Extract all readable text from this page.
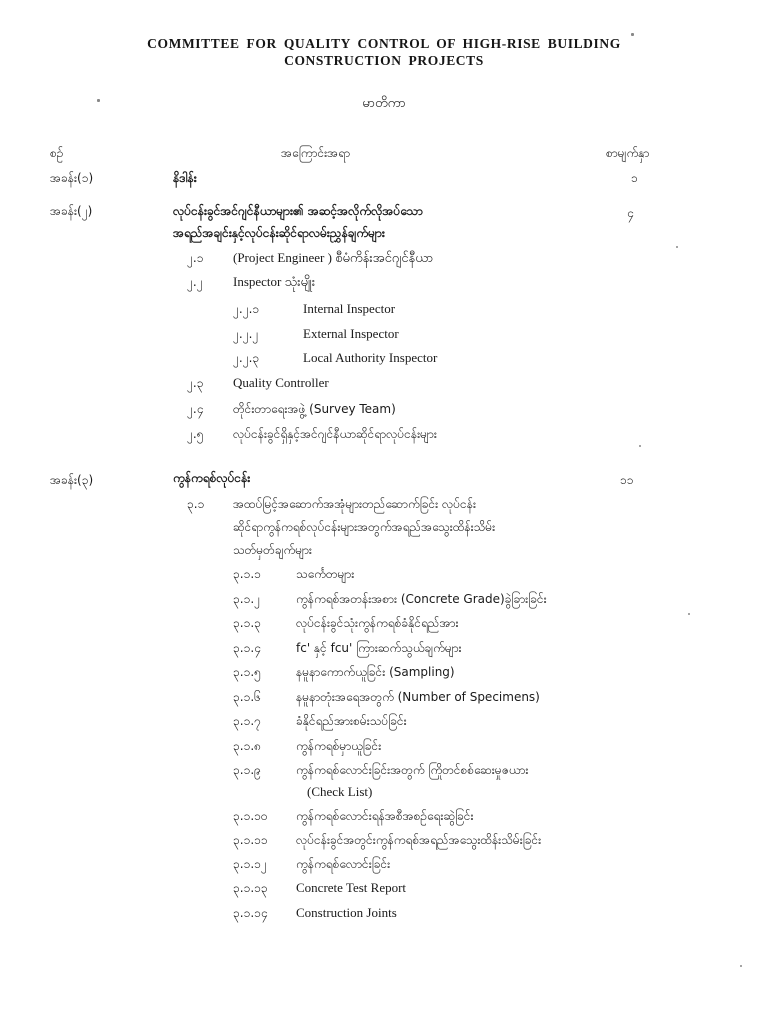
COMMITTEE FOR QUALITY CONTROL OF HIGH-RISE BUILDING
CONSTRUCTION PROJECTS
မာတိကာ
စဉ်	အကြောင်းအရာ	စာမျက်နှာ
အခန်း(၁)	နိဒါန်း	၁
အခန်း(၂)	လုပ်ငန်းခွင်အင်ဂျင်နီယာများ၏ အဆင့်အလိုက်လိုအပ်သော
အရည်အချင်းနှင့်လုပ်ငန်းဆိုင်ရာလမ်းညွှန်ချက်များ
၄
၂.၁ (Project Engineer ) စီမံကိန်းအင်ဂျင်နီယာ
၂.၂ Inspector သုံးမျိုး
၂.၂.၁	Internal Inspector
၂.၂.၂	External Inspector
၂.၂.၃	Local Authority Inspector
၂.၃ Quality Controller
၂.၄ တိုင်းတာရေးအဖွဲ့ (Survey Team)
၂.၅ လုပ်ငန်းခွင်ရှိနှင့်အင်ဂျင်နီယာဆိုင်ရာလုပ်ငန်းများ
အခန်း(၃)	ကွန်ကရစ်လုပ်ငန်း	၁၁
၃.၁ အထပ်မြင့်အဆောက်အအုံများတည်ဆောက်ခြင်း လုပ်ငန်း
ဆိုင်ရာကွန်ကရစ်လုပ်ငန်းများအတွက်အရည်အသွေးထိန်းသိမ်း
သတ်မှတ်ချက်များ
၃.၁.၁	သင်္ကေတများ
၃.၁.၂	ကွန်ကရစ်အတန်းအစား (Concrete Grade)ခွဲခြားခြင်း
၃.၁.၃	လုပ်ငန်းခွင်သုံးကွန်ကရစ်ခံနိုင်ရည်အား
၃.၁.၄	fc' နှင့် fcu' ကြားဆက်သွယ်ချက်များ
၃.၁.၅	နမူနာကောက်ယူခြင်း (Sampling)
၃.၁.၆	နမူနာတုံးအရေအတွက် (Number of Specimens)
၃.၁.၇	ခံနိုင်ရည်အားစမ်းသပ်ခြင်း
၃.၁.၈	ကွန်ကရစ်မှာယူခြင်း
၃.၁.၉	ကွန်ကရစ်လောင်းခြင်းအတွက် ကြိုတင်စစ်ဆေးမှုဇယား
(Check List)
၃.၁.၁၀ ကွန်ကရစ်လောင်းရန်အစီအစဉ်ရေးဆွဲခြင်း
၃.၁.၁၁ လုပ်ငန်းခွင်အတွင်းကွန်ကရစ်အရည်အသွေးထိန်းသိမ်းခြင်း
၃.၁.၁၂ ကွန်ကရစ်လောင်းခြင်း
၃.၁.၁၃ Concrete Test Report
၃.၁.၁၄ Construction Joints
